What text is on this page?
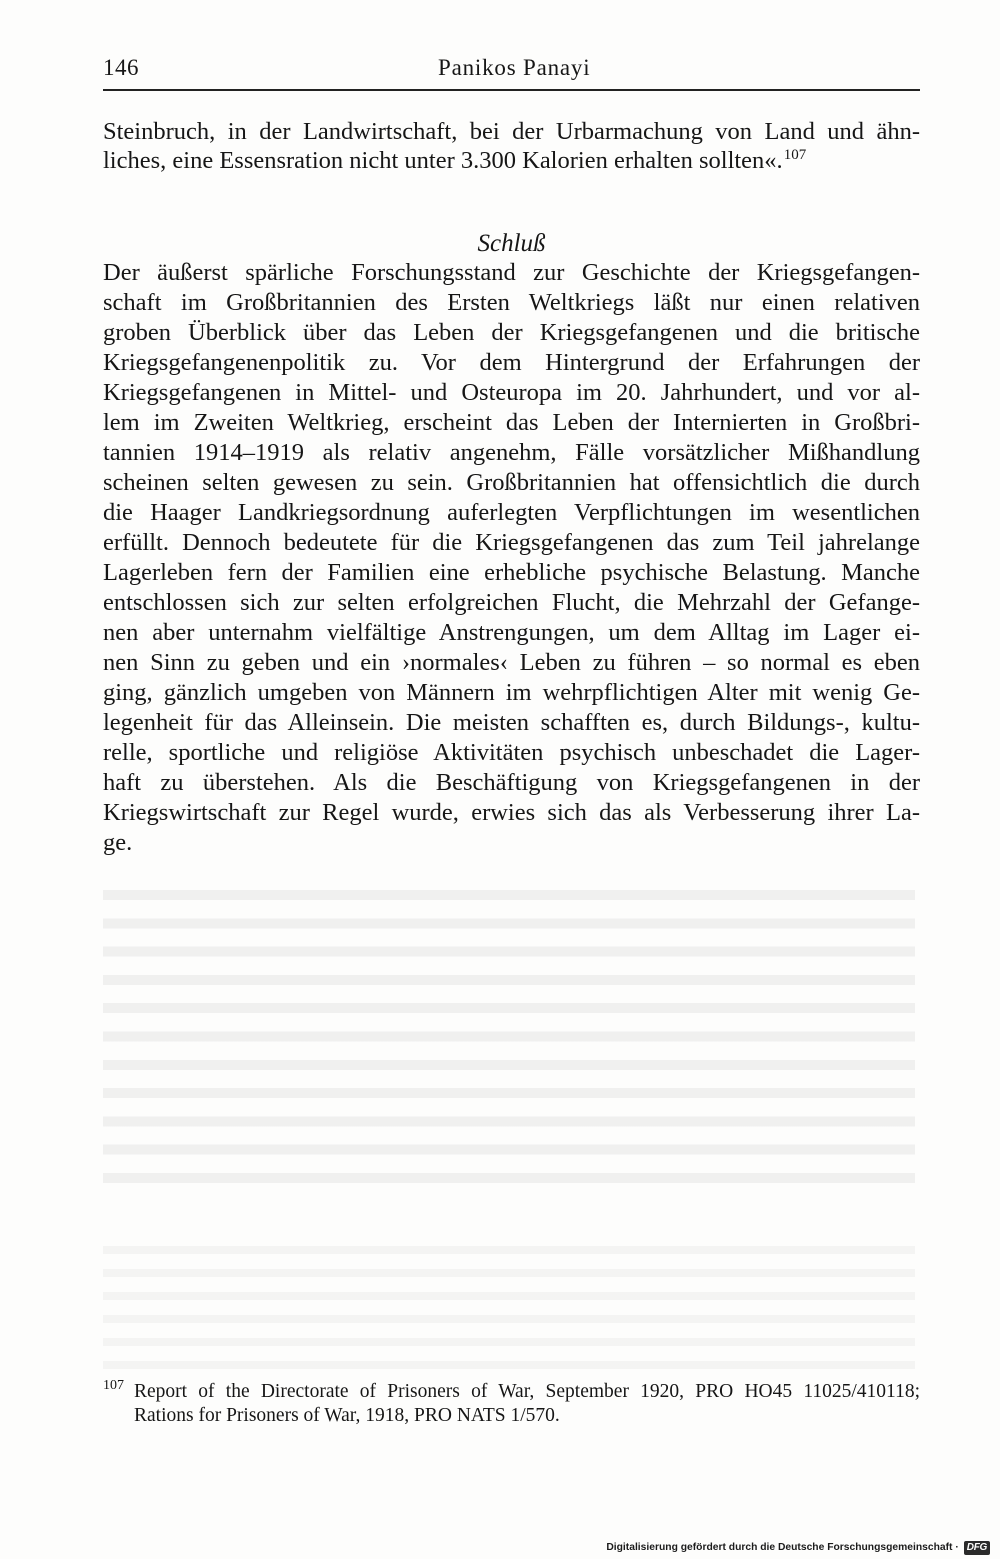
146	Panikos Panayi
Steinbruch, in der Landwirtschaft, bei der Urbarmachung von Land und ähn-
liches, eine Essensration nicht unter 3.300 Kalorien erhalten sollten«.$^{107}$
Schluß
Der äußerst spärliche Forschungsstand zur Geschichte der Kriegsgefangen-
schaft im Großbritannien des Ersten Weltkriegs läßt nur einen relativen
groben Überblick über das Leben der Kriegsgefangenen und die britische
Kriegsgefangenenpolitik zu. Vor dem Hintergrund der Erfahrungen der
Kriegsgefangenen in Mittel- und Osteuropa im 20. Jahrhundert, und vor al-
lem im Zweiten Weltkrieg, erscheint das Leben der Internierten in Großbri-
tannien 1914–1919 als relativ angenehm, Fälle vorsätzlicher Mißhandlung
scheinen selten gewesen zu sein. Großbritannien hat offensichtlich die durch
die Haager Landkriegsordnung auferlegten Verpflichtungen im wesentlichen
erfüllt. Dennoch bedeutete für die Kriegsgefangenen das zum Teil jahrelange
Lagerleben fern der Familien eine erhebliche psychische Belastung. Manche
entschlossen sich zur selten erfolgreichen Flucht, die Mehrzahl der Gefange-
nen aber unternahm vielfältige Anstrengungen, um dem Alltag im Lager ei-
nen Sinn zu geben und ein ›normales‹ Leben zu führen – so normal es eben
ging, gänzlich umgeben von Männern im wehrpflichtigen Alter mit wenig Ge-
legenheit für das Alleinsein. Die meisten schafften es, durch Bildungs-, kultu-
relle, sportliche und religiöse Aktivitäten psychisch unbeschadet die Lager-
haft zu überstehen. Als die Beschäftigung von Kriegsgefangenen in der
Kriegswirtschaft zur Regel wurde, erwies sich das als Verbesserung ihrer La-
ge.
107 Report of the Directorate of Prisoners of War, September 1920, PRO HO45 11025/410118;
Rations for Prisoners of War, 1918, PRO NATS 1/570.
Digitalisierung gefördert durch die Deutsche Forschungsgemeinschaft · DFG
